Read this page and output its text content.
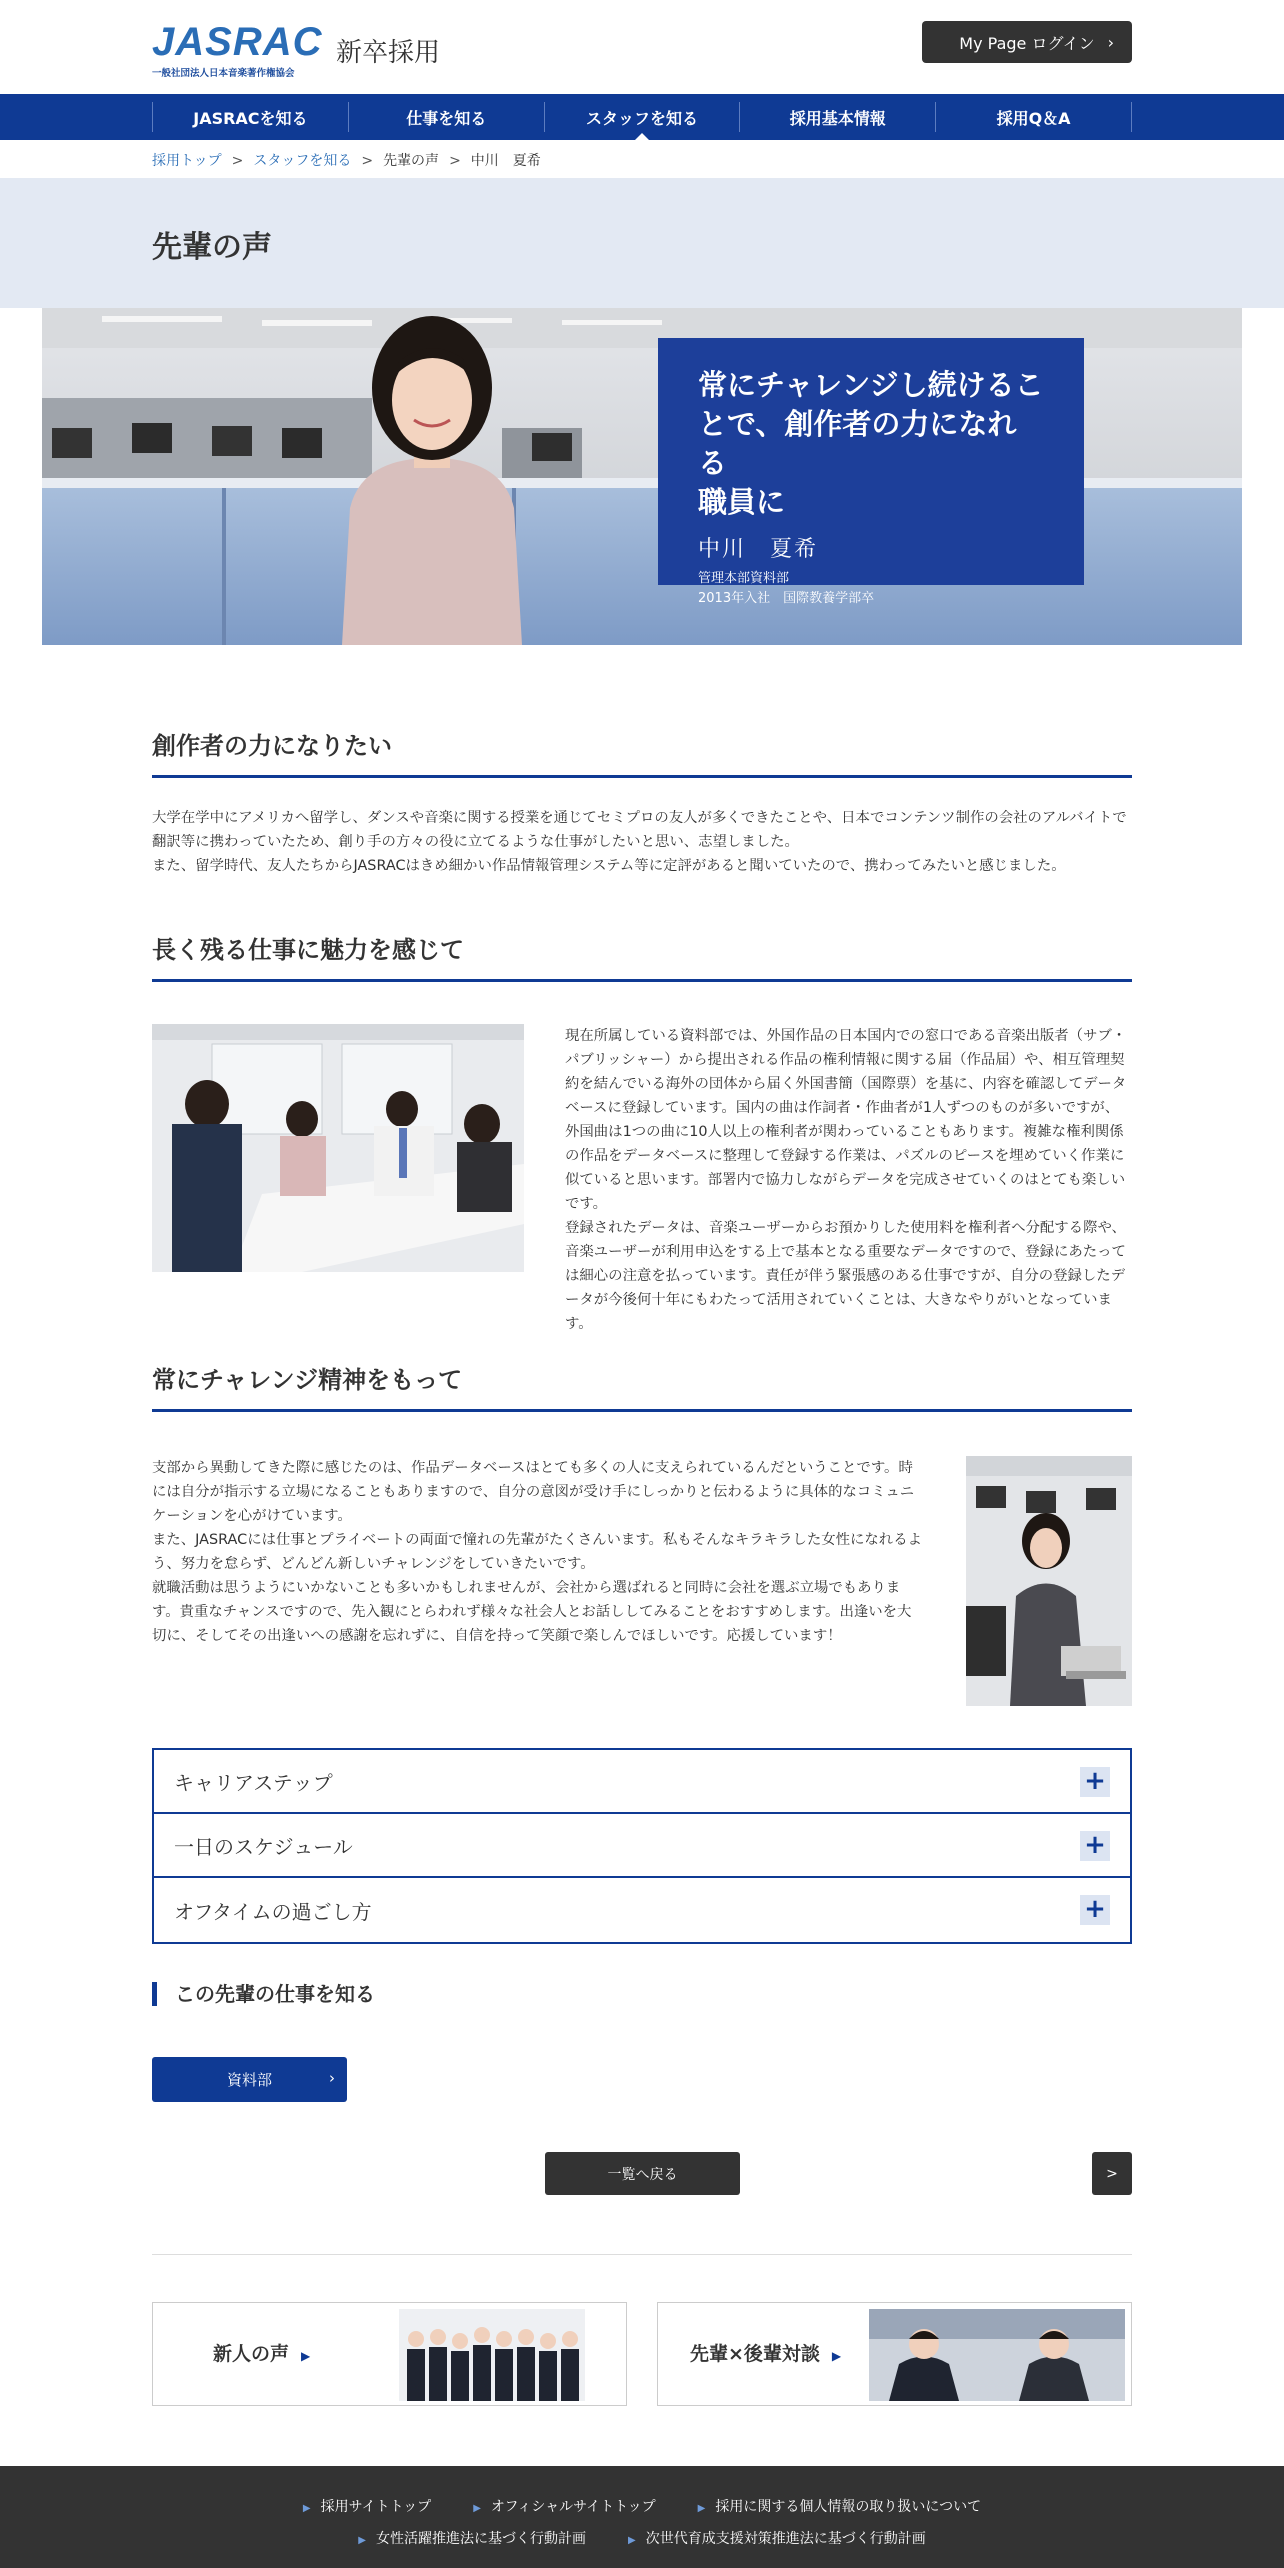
JASRAC
一般社団法人日本音楽著作権協会
新卒採用	My Page ログイン ›
JASRACを知る	仕事を知る	スタッフを知る	採用基本情報	採用Q＆A
採用トップ > スタッフを知る > 先輩の声 > 中川　夏希
先輩の声
常にチャレンジし続けるこ
とで、創作者の力になれる
職員に
中川　夏希
管理本部資料部
2013年入社　国際教養学部卒
創作者の力になりたい

大学在学中にアメリカへ留学し、ダンスや音楽に関する授業を通じてセミプロの友人が多くできたことや、日本でコンテンツ制作の会社のアルバイトで翻訳等に携わっていたため、創り手の方々の役に立てるような仕事がしたいと思い、志望しました。

また、留学時代、友人たちからJASRACはきめ細かい作品情報管理システム等に定評があると聞いていたので、携わってみたいと感じました。

長く残る仕事に魅力を感じて

現在所属している資料部では、外国作品の日本国内での窓口である音楽出版者（サブ・パブリッシャー）から提出される作品の権利情報に関する届（作品届）や、相互管理契約を結んでいる海外の団体から届く外国書簡（国際票）を基に、内容を確認してデータベースに登録しています。国内の曲は作詞者・作曲者が1人ずつのものが多いですが、外国曲は1つの曲に10人以上の権利者が関わっていることもあります。複雑な権利関係の作品をデータベースに整理して登録する作業は、パズルのピースを埋めていく作業に似ていると思います。部署内で協力しながらデータを完成させていくのはとても楽しいです。

登録されたデータは、音楽ユーザーからお預かりした使用料を権利者へ分配する際や、音楽ユーザーが利用申込をする上で基本となる重要なデータですので、登録にあたっては細心の注意を払っています。責任が伴う緊張感のある仕事ですが、自分の登録したデータが今後何十年にもわたって活用されていくことは、大きなやりがいとなっています。

常にチャレンジ精神をもって

支部から異動してきた際に感じたのは、作品データベースはとても多くの人に支えられているんだということです。時には自分が指示する立場になることもありますので、自分の意図が受け手にしっかりと伝わるように具体的なコミュニケーションを心がけています。

また、JASRACには仕事とプライベートの両面で憧れの先輩がたくさんいます。私もそんなキラキラした女性になれるよう、努力を怠らず、どんどん新しいチャレンジをしていきたいです。

就職活動は思うようにいかないことも多いかもしれませんが、会社から選ばれると同時に会社を選ぶ立場でもあります。貴重なチャンスですので、先入観にとらわれず様々な社会人とお話ししてみることをおすすめします。出逢いを大切に、そしてその出逢いへの感謝を忘れずに、自信を持って笑顔で楽しんでほしいです。応援しています！

キャリアステップ	+
一日のスケジュール	+
オフタイムの過ごし方	+
この先輩の仕事を知る
資料部	›
一覧へ戻る	>
新人の声 ▶	先輩×後輩対談 ▶
▶ 採用サイトトップ	▶ オフィシャルサイトトップ	▶ 採用に関する個人情報の取り扱いについて
▶ 女性活躍推進法に基づく行動計画	▶ 次世代育成支援対策推進法に基づく行動計画
